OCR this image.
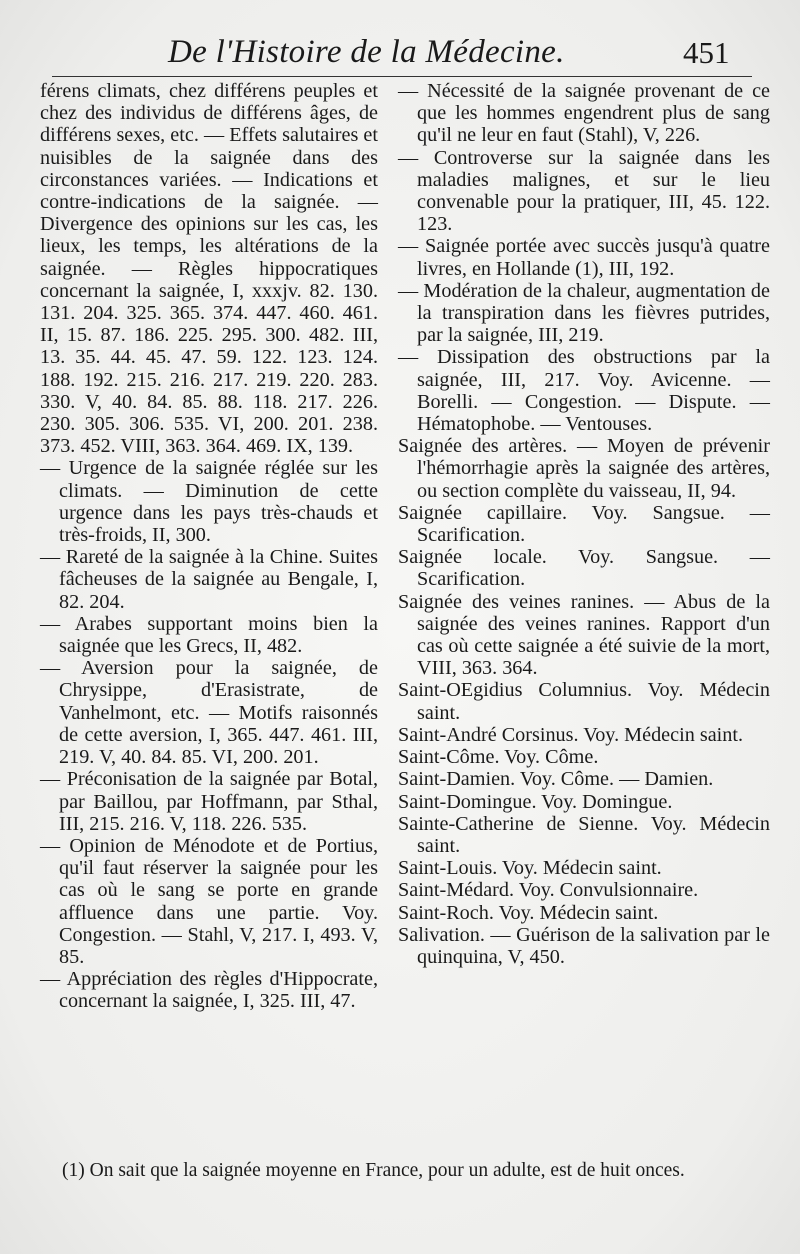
De l'Histoire de la Médecine.	451

férens climats, chez différens peuples et chez des individus de différens âges, de différens sexes, etc. — Effets salutaires et nuisibles de la saignée dans des circonstances variées. — Indications et contre-indications de la saignée. — Divergence des opinions sur les cas, les lieux, les temps, les altérations de la saignée. — Règles hippocratiques concernant la saignée, I, xxxjv. 82. 130. 131. 204. 325. 365. 374. 447. 460. 461. II, 15. 87. 186. 225. 295. 300. 482. III, 13. 35. 44. 45. 47. 59. 122. 123. 124. 188. 192. 215. 216. 217. 219. 220. 283. 330. V, 40. 84. 85. 88. 118. 217. 226. 230. 305. 306. 535. VI, 200. 201. 238. 373. 452. VIII, 363. 364. 469. IX, 139.

— Urgence de la saignée réglée sur les climats. — Diminution de cette urgence dans les pays très-chauds et très-froids, II, 300.

— Rareté de la saignée à la Chine. Suites fâcheuses de la saignée au Bengale, I, 82. 204.

— Arabes supportant moins bien la saignée que les Grecs, II, 482.

— Aversion pour la saignée, de Chrysippe, d'Erasistrate, de Vanhelmont, etc. — Motifs raisonnés de cette aversion, I, 365. 447. 461. III, 219. V, 40. 84. 85. VI, 200. 201.

— Préconisation de la saignée par Botal, par Baillou, par Hoffmann, par Sthal, III, 215. 216. V, 118. 226. 535.

— Opinion de Ménodote et de Portius, qu'il faut réserver la saignée pour les cas où le sang se porte en grande affluence dans une partie. Voy. Congestion. — Stahl, V, 217. I, 493. V, 85.

— Appréciation des règles d'Hippocrate, concernant la saignée, I, 325. III, 47.

— Nécessité de la saignée provenant de ce que les hommes engendrent plus de sang qu'il ne leur en faut (Stahl), V, 226.

— Controverse sur la saignée dans les maladies malignes, et sur le lieu convenable pour la pratiquer, III, 45. 122. 123.

— Saignée portée avec succès jusqu'à quatre livres, en Hollande (1), III, 192.

— Modération de la chaleur, augmentation de la transpiration dans les fièvres putrides, par la saignée, III, 219.

— Dissipation des obstructions par la saignée, III, 217. Voy. Avicenne. — Borelli. — Congestion. — Dispute. — Hématophobe. — Ventouses.

Saignée des artères. — Moyen de prévenir l'hémorrhagie après la saignée des artères, ou section complète du vaisseau, II, 94.

Saignée capillaire. Voy. Sangsue. — Scarification.

Saignée locale. Voy. Sangsue. — Scarification.

Saignée des veines ranines. — Abus de la saignée des veines ranines. Rapport d'un cas où cette saignée a été suivie de la mort, VIII, 363. 364.

Saint-OEgidius Columnius. Voy. Médecin saint.

Saint-André Corsinus. Voy. Médecin saint.

Saint-Côme. Voy. Côme.

Saint-Damien. Voy. Côme. — Damien.

Saint-Domingue. Voy. Domingue.

Sainte-Catherine de Sienne. Voy. Médecin saint.

Saint-Louis. Voy. Médecin saint.

Saint-Médard. Voy. Convulsionnaire.

Saint-Roch. Voy. Médecin saint.

Salivation. — Guérison de la salivation par le quinquina, V, 450.

(1) On sait que la saignée moyenne en France, pour un adulte, est de huit onces.
